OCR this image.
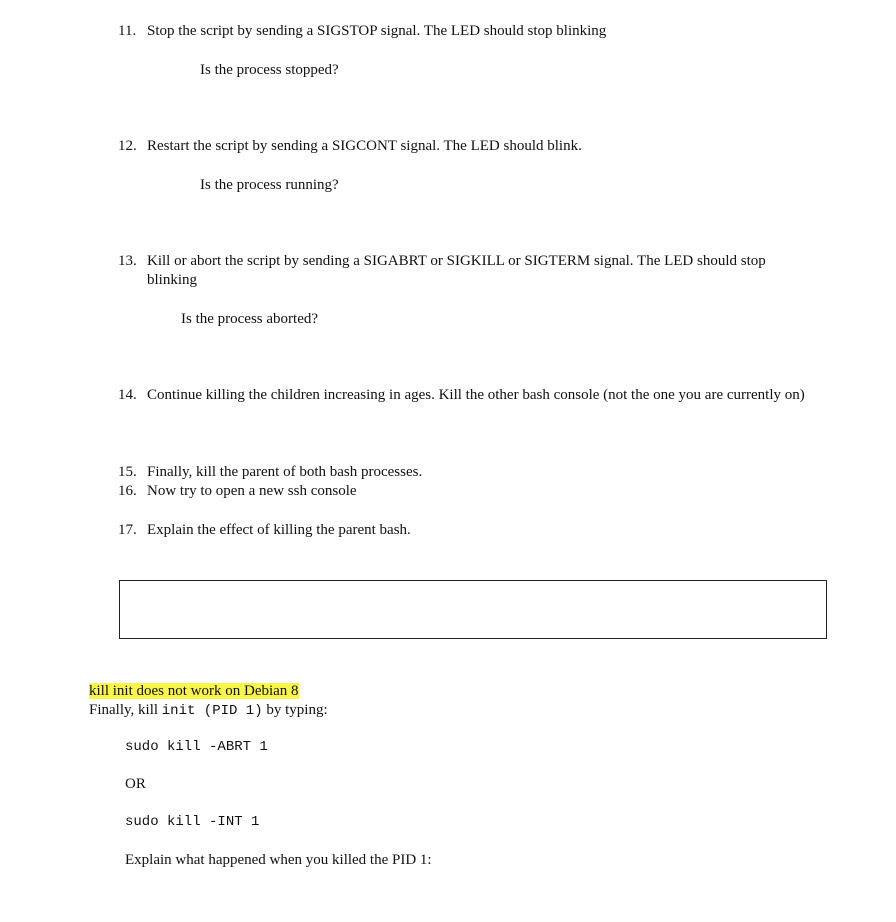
11. Stop the script by sending a SIGSTOP signal. The LED should stop blinking
Is the process stopped?
12. Restart the script by sending a SIGCONT signal. The LED should blink.
Is the process running?
13. Kill or abort the script by sending a SIGABRT or SIGKILL or SIGTERM signal. The LED should stop blinking
Is the process aborted?
14. Continue killing the children increasing in ages. Kill the other bash console (not the one you are currently on)
15. Finally, kill the parent of both bash processes.
16. Now try to open a new ssh console
17. Explain the effect of killing the parent bash.
kill init does not work on Debian 8
Finally, kill init (PID 1) by typing:
sudo kill -ABRT 1
OR
sudo kill -INT 1
Explain what happened when you killed the PID 1:
